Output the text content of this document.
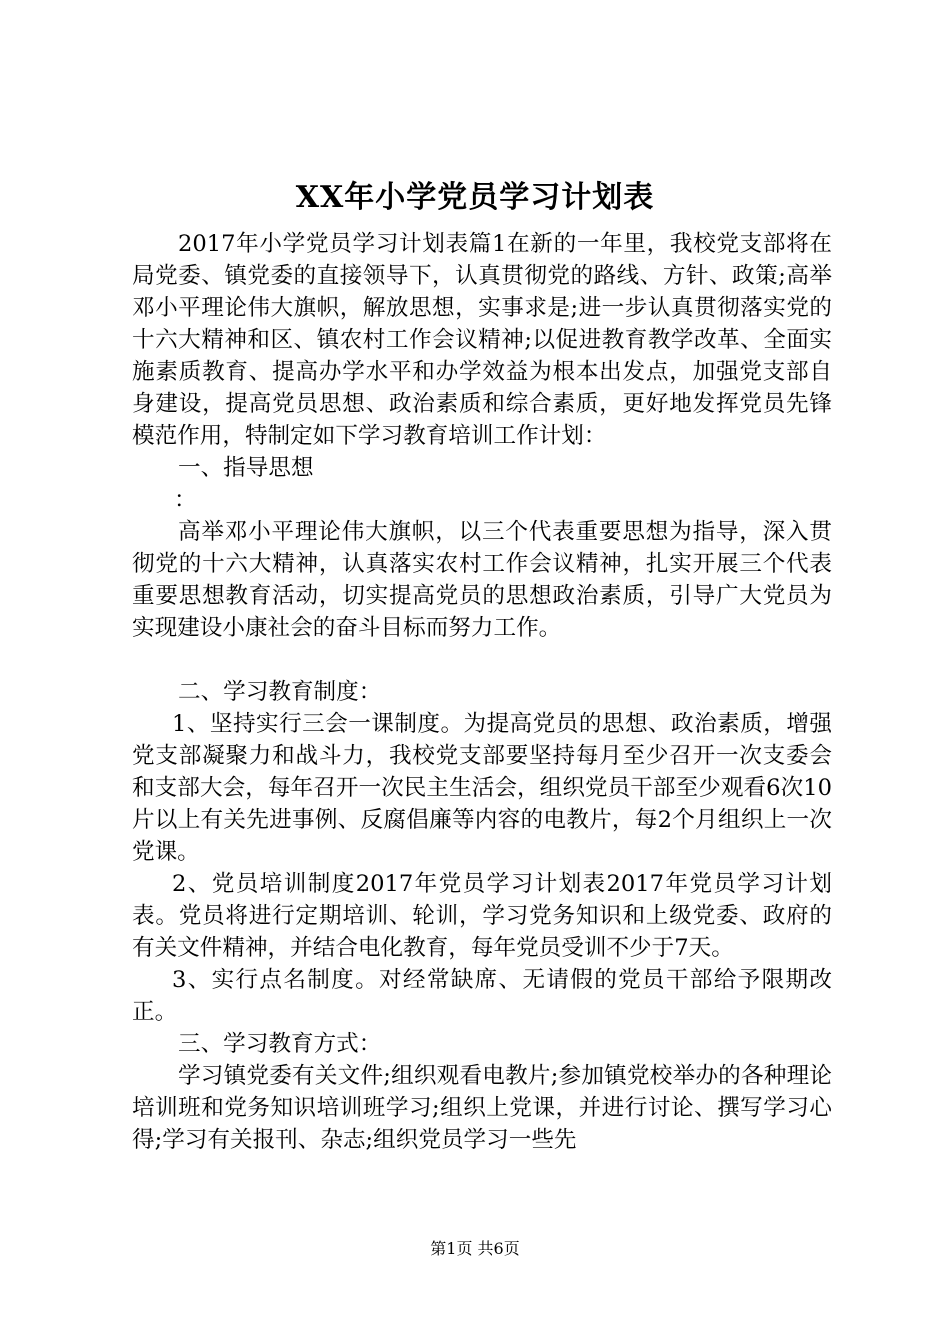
XX年小学党员学习计划表

2017年小学党员学习计划表篇1在新的一年里，我校党支部将在局党委、镇党委的直接领导下，认真贯彻党的路线、方针、政策;高举邓小平理论伟大旗帜，解放思想，实事求是;进一步认真贯彻落实党的十六大精神和区、镇农村工作会议精神;以促进教育教学改革、全面实施素质教育、提高办学水平和办学效益为根本出发点，加强党支部自身建设，提高党员思想、政治素质和综合素质，更好地发挥党员先锋模范作用，特制定如下学习教育培训工作计划：

一、指导思想

：

高举邓小平理论伟大旗帜，以三个代表重要思想为指导，深入贯彻党的十六大精神，认真落实农村工作会议精神，扎实开展三个代表重要思想教育活动，切实提高党员的思想政治素质，引导广大党员为实现建设小康社会的奋斗目标而努力工作。

二、学习教育制度：

1、坚持实行三会一课制度。为提高党员的思想、政治素质，增强党支部凝聚力和战斗力，我校党支部要坚持每月至少召开一次支委会和支部大会，每年召开一次民主生活会，组织党员干部至少观看6次10片以上有关先进事例、反腐倡廉等内容的电教片，每2个月组织上一次党课。

2、党员培训制度2017年党员学习计划表2017年党员学习计划表。党员将进行定期培训、轮训，学习党务知识和上级党委、政府的有关文件精神，并结合电化教育，每年党员受训不少于7天。

3、实行点名制度。对经常缺席、无请假的党员干部给予限期改正。

三、学习教育方式：

学习镇党委有关文件;组织观看电教片;参加镇党校举办的各种理论培训班和党务知识培训班学习;组织上党课，并进行讨论、撰写学习心得;学习有关报刊、杂志;组织党员学习一些先

第1页 共6页
